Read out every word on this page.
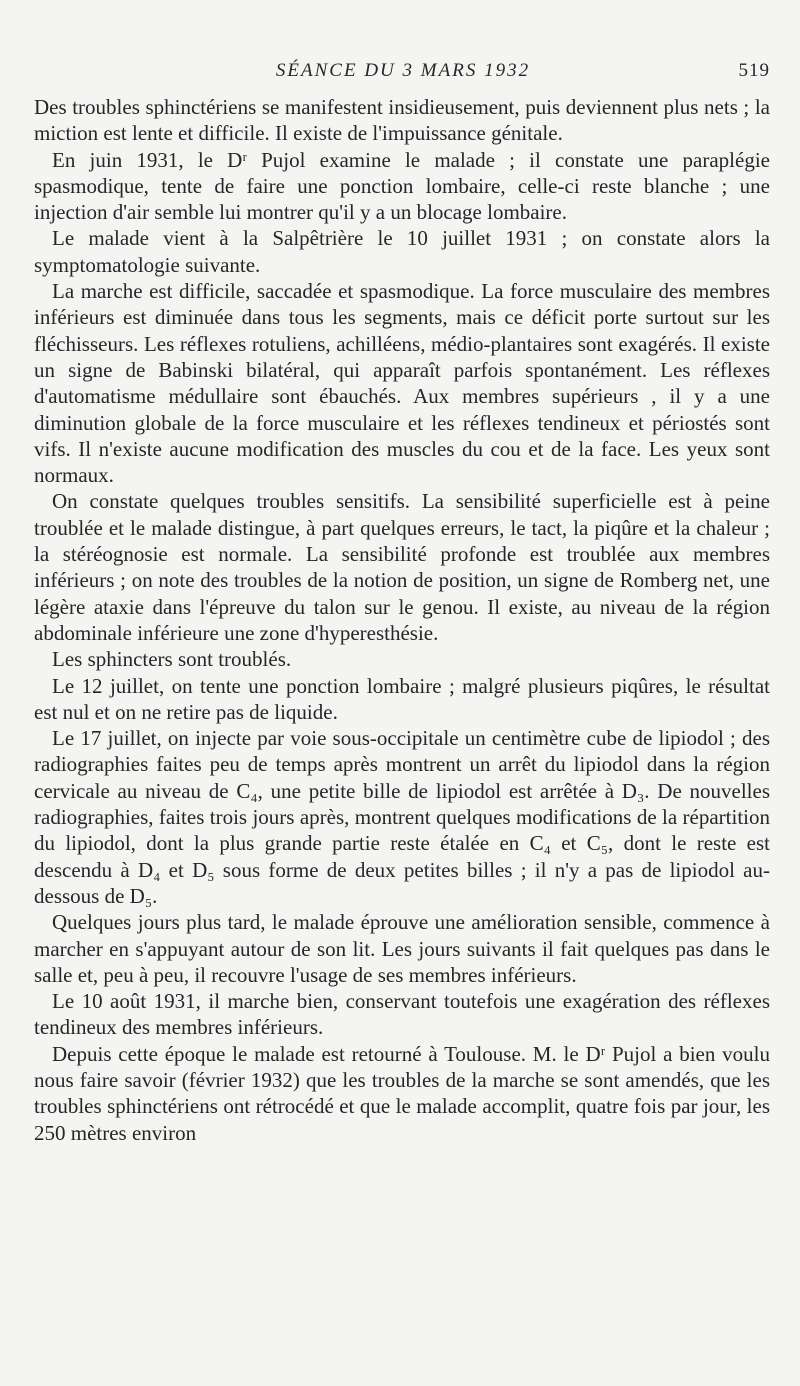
SÉANCE DU 3 MARS 1932	519

Des troubles sphinctériens se manifestent insidieusement, puis deviennent plus nets ; la miction est lente et difficile. Il existe de l'impuissance génitale.

En juin 1931, le Dʳ Pujol examine le malade ; il constate une paraplégie spasmodique, tente de faire une ponction lombaire, celle-ci reste blanche ; une injection d'air semble lui montrer qu'il y a un blocage lombaire.

Le malade vient à la Salpêtrière le 10 juillet 1931 ; on constate alors la symptomatologie suivante.

La marche est difficile, saccadée et spasmodique. La force musculaire des membres inférieurs est diminuée dans tous les segments, mais ce déficit porte surtout sur les fléchisseurs. Les réflexes rotuliens, achilléens, médio-plantaires sont exagérés. Il existe un signe de Babinski bilatéral, qui apparaît parfois spontanément. Les réflexes d'automatisme médullaire sont ébauchés. Aux membres supérieurs , il y a une diminution globale de la force musculaire et les réflexes tendineux et périostés sont vifs. Il n'existe aucune modification des muscles du cou et de la face. Les yeux sont normaux.

On constate quelques troubles sensitifs. La sensibilité superficielle est à peine troublée et le malade distingue, à part quelques erreurs, le tact, la piqûre et la chaleur ; la stéréognosie est normale. La sensibilité profonde est troublée aux membres inférieurs ; on note des troubles de la notion de position, un signe de Romberg net, une légère ataxie dans l'épreuve du talon sur le genou. Il existe, au niveau de la région abdominale inférieure une zone d'hyperesthésie.

Les sphincters sont troublés.

Le 12 juillet, on tente une ponction lombaire ; malgré plusieurs piqûres, le résultat est nul et on ne retire pas de liquide.

Le 17 juillet, on injecte par voie sous-occipitale un centimètre cube de lipiodol ; des radiographies faites peu de temps après montrent un arrêt du lipiodol dans la région cervicale au niveau de C₄, une petite bille de lipiodol est arrêtée à D₃. De nouvelles radiographies, faites trois jours après, montrent quelques modifications de la répartition du lipiodol, dont la plus grande partie reste étalée en C₄ et C₅, dont le reste est descendu à D₄ et D₅ sous forme de deux petites billes ; il n'y a pas de lipiodol au-dessous de D₅.

Quelques jours plus tard, le malade éprouve une amélioration sensible, commence à marcher en s'appuyant autour de son lit. Les jours suivants il fait quelques pas dans le salle et, peu à peu, il recouvre l'usage de ses membres inférieurs.

Le 10 août 1931, il marche bien, conservant toutefois une exagération des réflexes tendineux des membres inférieurs.

Depuis cette époque le malade est retourné à Toulouse. M. le Dʳ Pujol a bien voulu nous faire savoir (février 1932) que les troubles de la marche se sont amendés, que les troubles sphinctériens ont rétrocédé et que le malade accomplit, quatre fois par jour, les 250 mètres environ
